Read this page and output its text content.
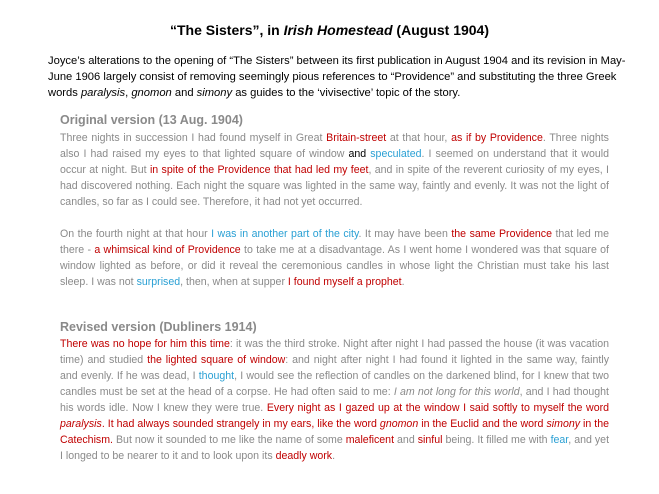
“The Sisters”, in Irish Homestead (August 1904)
Joyce’s alterations to the opening of “The Sisters” between its first publication in August 1904 and its revision in May-June 1906 largely consist of removing seemingly pious references to “Providence” and substituting the three Greek words paralysis, gnomon and simony as guides to the ‘vivisective’ topic of the story.
Original version (13 Aug. 1904)
Three nights in succession I had found myself in Great Britain-street at that hour, as if by Providence. Three nights also I had raised my eyes to that lighted square of window and speculated. I seemed on understand that it would occur at night. But in spite of the Providence that had led my feet, and in spite of the reverent curiosity of my eyes, I had discovered nothing. Each night the square was lighted in the same way, faintly and evenly. It was not the light of candles, so far as I could see. Therefore, it had not yet occurred.
On the fourth night at that hour I was in another part of the city. It may have been the same Providence that led me there - a whimsical kind of Providence to take me at a disadvantage. As I went home I wondered was that square of window lighted as before, or did it reveal the ceremonious candles in whose light the Christian must take his last sleep. I was not surprised, then, when at supper I found myself a prophet.
Revised version (Dubliners 1914)
There was no hope for him this time: it was the third stroke. Night after night I had passed the house (it was vacation time) and studied the lighted square of window: and night after night I had found it lighted in the same way, faintly and evenly. If he was dead, I thought, I would see the reflection of candles on the darkened blind, for I knew that two candles must be set at the head of a corpse. He had often said to me: I am not long for this world, and I had thought his words idle. Now I knew they were true. Every night as I gazed up at the window I said softly to myself the word paralysis. It had always sounded strangely in my ears, like the word gnomon in the Euclid and the word simony in the Catechism. But now it sounded to me like the name of some maleficent and sinful being. It filled me with fear, and yet I longed to be nearer to it and to look upon its deadly work.
